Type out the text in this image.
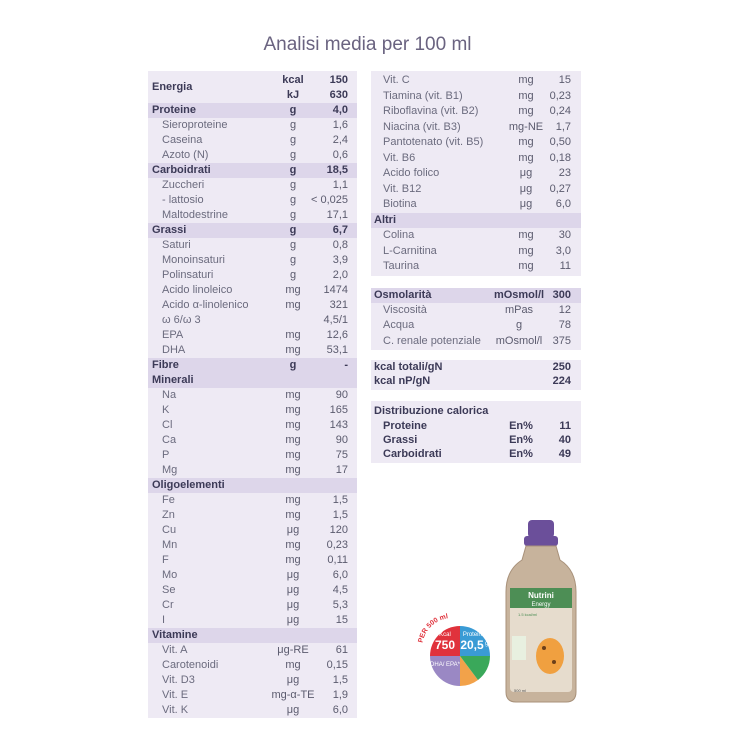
Analisi media per 100 ml
Energia
kcal	150
kJ	630
Proteine	g	4,0
Sieroproteine	g	1,6
Caseina	g	2,4
Azoto (N)	g	0,6
Carboidrati	g	18,5
Zuccheri	g	1,1
- lattosio	g	< 0,025
Maltodestrine	g	17,1
Grassi	g	6,7
Saturi	g	0,8
Monoinsaturi	g	3,9
Polinsaturi	g	2,0
Acido linoleico	mg	1474
Acido α-linolenico	mg	321
ω 6/ω 3	4,5/1
EPA	mg	12,6
DHA	mg	53,1
Fibre	g	-
Minerali
Na	mg	90
K	mg	165
Cl	mg	143
Ca	mg	90
P	mg	75
Mg	mg	17
Oligoelementi
Fe	mg	1,5
Zn	mg	1,5
Cu	μg	120
Mn	mg	0,23
F	mg	0,11
Mo	μg	6,0
Se	μg	4,5
Cr	μg	5,3
I	μg	15
Vitamine
Vit. A	μg-RE	61
Carotenoidi	mg	0,15
Vit. D3	μg	1,5
Vit. E	mg-α-TE	1,9
Vit. K	μg	6,0
Vit. C	mg	15
Tiamina (vit. B1)	mg	0,23
Riboflavina (vit. B2)	mg	0,24
Niacina (vit. B3)	mg-NE	1,7
Pantotenato (vit. B5)	mg	0,50
Vit. B6	mg	0,18
Acido folico	μg	23
Vit. B12	μg	0,27
Biotina	μg	6,0
Altri
Colina	mg	30
L-Carnitina	mg	3,0
Taurina	mg	11
Osmolarità	mOsmol/l 300
Viscosità	mPas	12
Acqua	g	78
C. renale potenziale	mOsmol/l 375
kcal totali/gN	250
kcal nP/gN	224
Distribuzione calorica
Proteine	En%	11
Grassi	En%	40
Carboidrati	En%	49
PER 500 ml
Kcal
750
Proteine
20,5 g
DHA/ EPA*
Nutrini
Energy
1.5 kcal/ml
500 ml
